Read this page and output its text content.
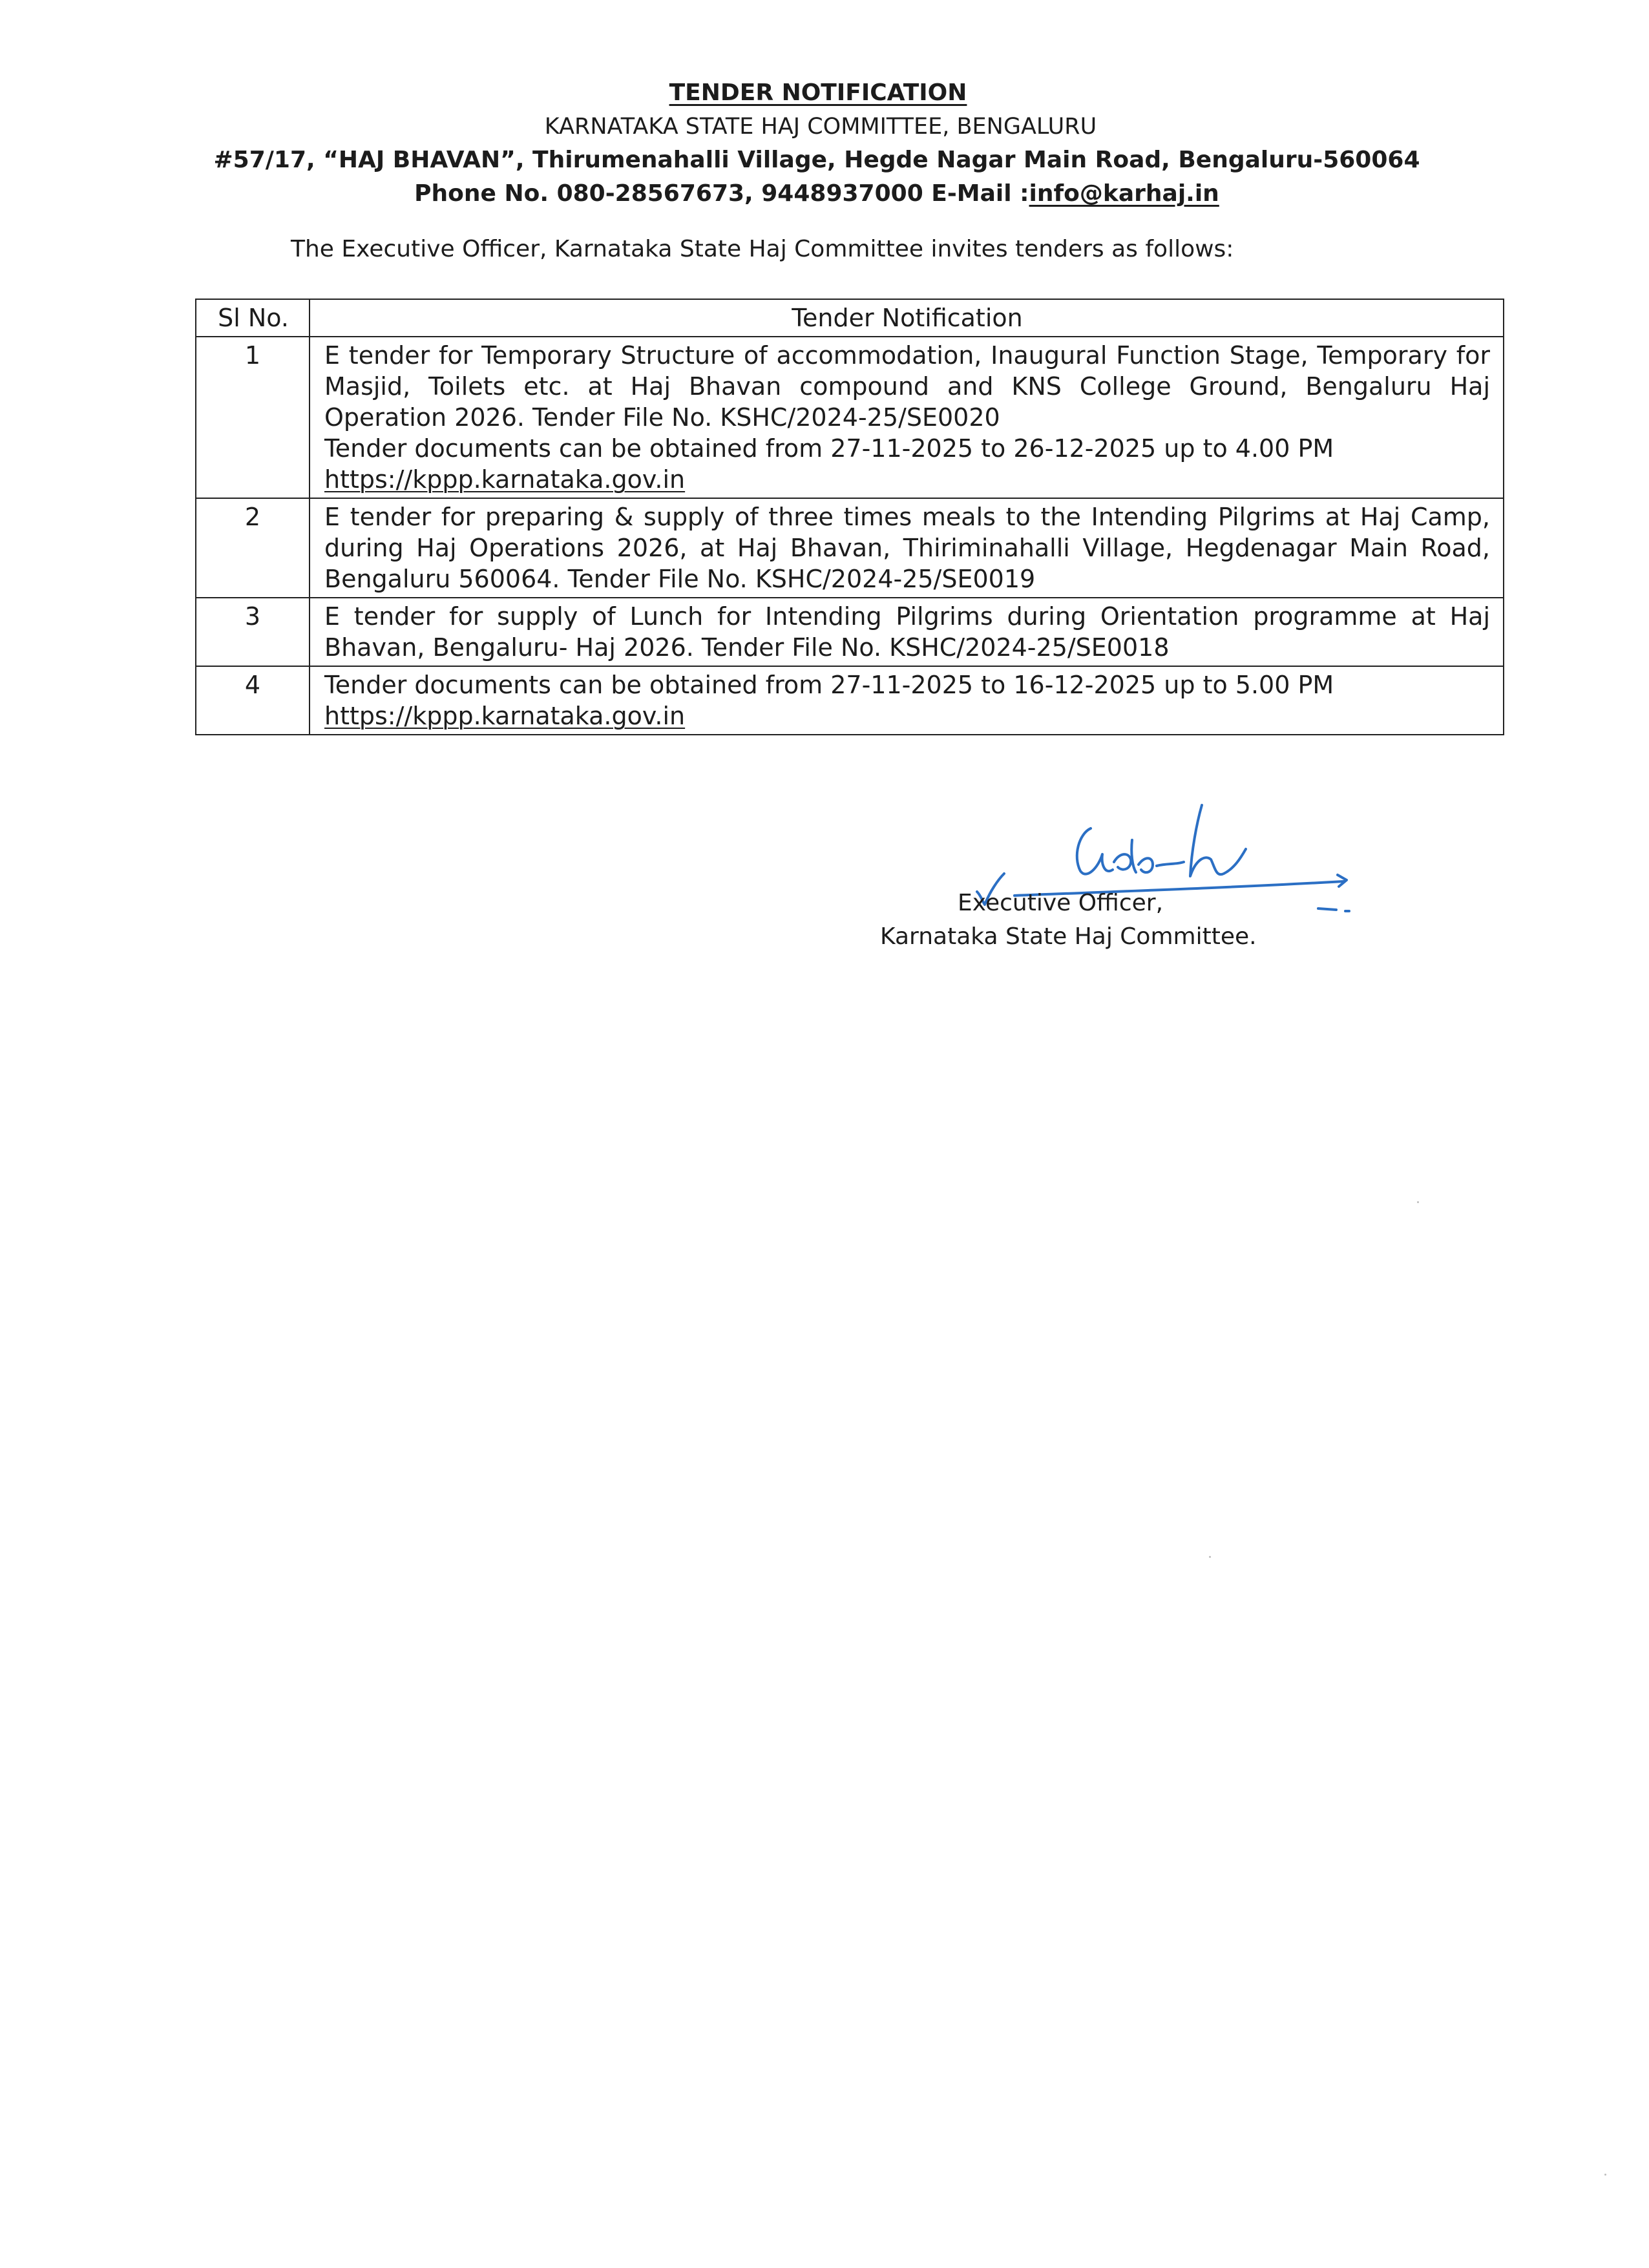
TENDER NOTIFICATION
KARNATAKA STATE HAJ COMMITTEE, BENGALURU
#57/17, “HAJ BHAVAN”, Thirumenahalli Village, Hegde Nagar Main Road, Bengaluru-560064
Phone No. 080-28567673, 9448937000 E-Mail :info@karhaj.in
The Executive Officer, Karnataka State Haj Committee invites tenders as follows:
Sl No.	Tender Notification
1	E tender for Temporary Structure of accommodation, Inaugural Function Stage, Temporary for Masjid, Toilets etc. at Haj Bhavan compound and KNS College Ground, Bengaluru Haj Operation 2026. Tender File No. KSHC/2024-25/SE0020
Tender documents can be obtained from 27-11-2025 to 26-12-2025 up to 4.00 PM
https://kppp.karnataka.gov.in

2	E tender for preparing & supply of three times meals to the Intending Pilgrims at Haj Camp, during Haj Operations 2026, at Haj Bhavan, Thiriminahalli Village, Hegdenagar Main Road, Bengaluru 560064. Tender File No. KSHC/2024-25/SE0019
3	E tender for supply of Lunch for Intending Pilgrims during Orientation programme at Haj Bhavan, Bengaluru- Haj 2026. Tender File No. KSHC/2024-25/SE0018
4	Tender documents can be obtained from 27-11-2025 to 16-12-2025 up to 5.00 PM
https://kppp.karnataka.gov.in
Executive Officer,
Karnataka State Haj Committee.
